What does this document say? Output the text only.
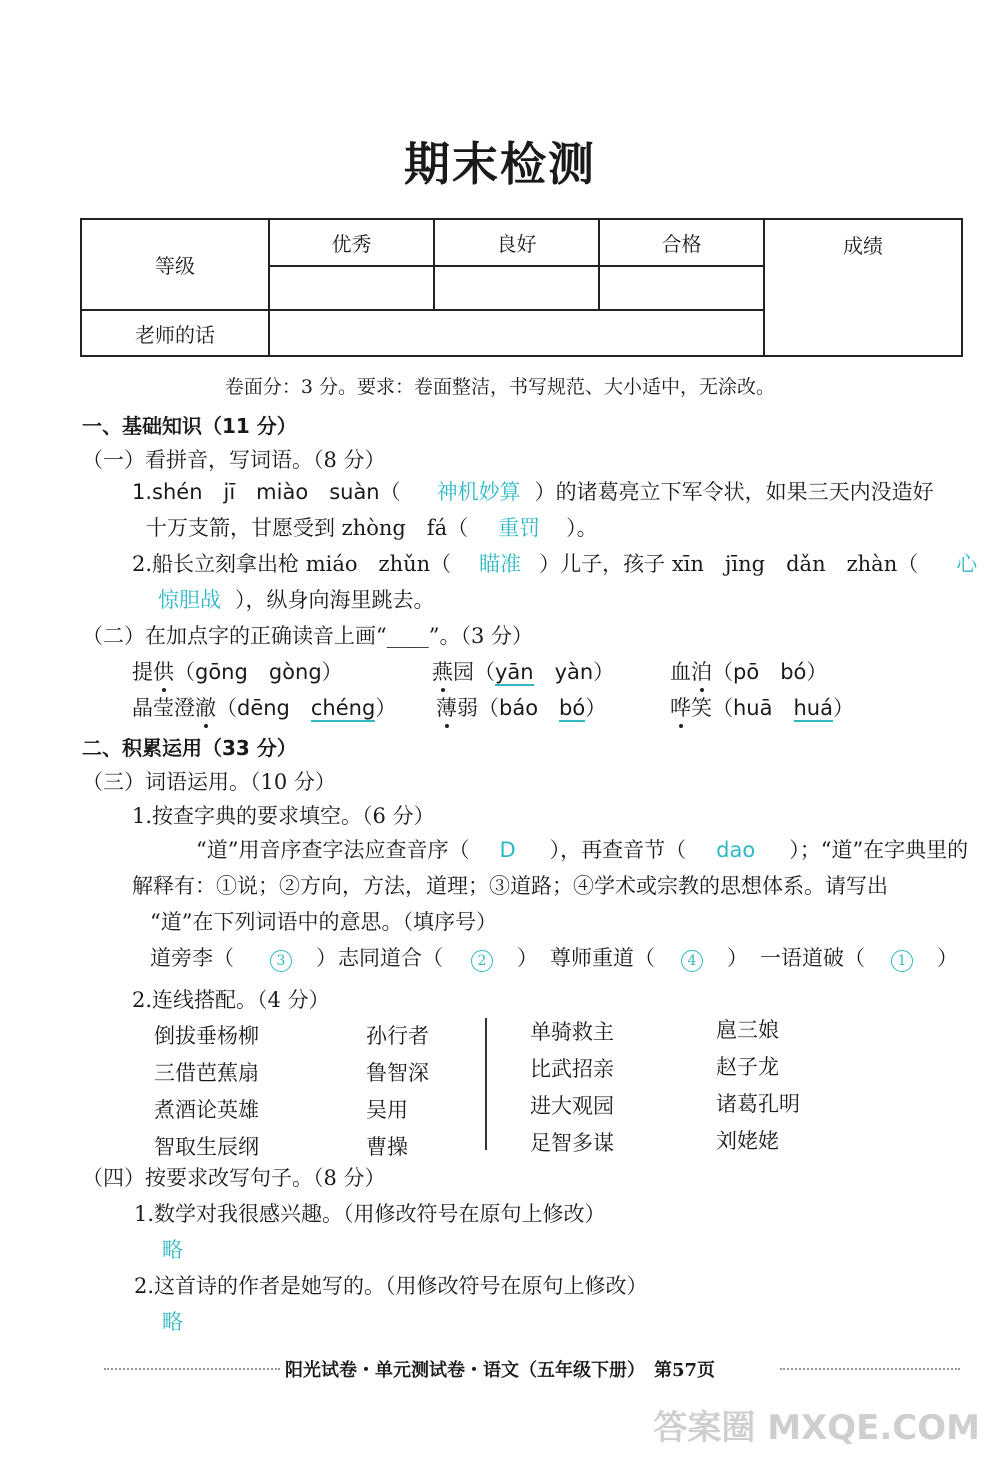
期末检测
等级	优秀	良好	合格	成绩

老师的话				
卷面分：3 分。要求：卷面整洁，书写规范、大小适中，无涂改。
一、基础知识（11 分）
（一）看拼音，写词语。（8 分）
1.shén　jī　miào　suàn（ 神机妙算 ）的诸葛亮立下军令状，如果三天内没造好
十万支箭，甘愿受到 zhòng　fá（ 重罚 ）。
2.船长立刻拿出枪 miáo　zhǔn（ 瞄准 ）儿子，孩子 xīn　jīng　dǎn　zhàn（ 心
惊胆战 ），纵身向海里跳去。
（二）在加点字的正确读音上画“____”。（3 分）
提供（gōng　 gòng）	燕园（yān　 yàn）	血泊（pō　 bó）
晶莹澄澈（dēng　 chéng） 薄弱（báo　 bó）	哗笑（huā　 huá）
二、积累运用（33 分）
（三）词语运用。（10 分）
1.按查字典的要求填空。（6 分）
“道”用音序查字法应查音序（ D ），再查音节（ dao ）；“道”在字典里的
解释有：①说；②方向，方法，道理；③道路；④学术或宗教的思想体系。请写出
“道”在下列词语中的意思。（填序号）
道旁李（	3 ） 志同道合（ 2 ） 尊师重道（ 4 ） 一语道破（ 1 ）
2.连线搭配。（4 分）
倒拔垂杨柳
三借芭蕉扇
煮酒论英雄
智取生辰纲
孙行者
鲁智深
吴用
曹操
单骑救主
比武招亲
进大观园
足智多谋
扈三娘
赵子龙
诸葛孔明
刘姥姥
（四）按要求改写句子。（8 分）
1.数学对我很感兴趣。（用修改符号在原句上修改）
略
2.这首诗的作者是她写的。（用修改符号在原句上修改）
略
阳光试卷・单元测试卷・语文（五年级下册）　第57页
答案圈 MXQE.COM
